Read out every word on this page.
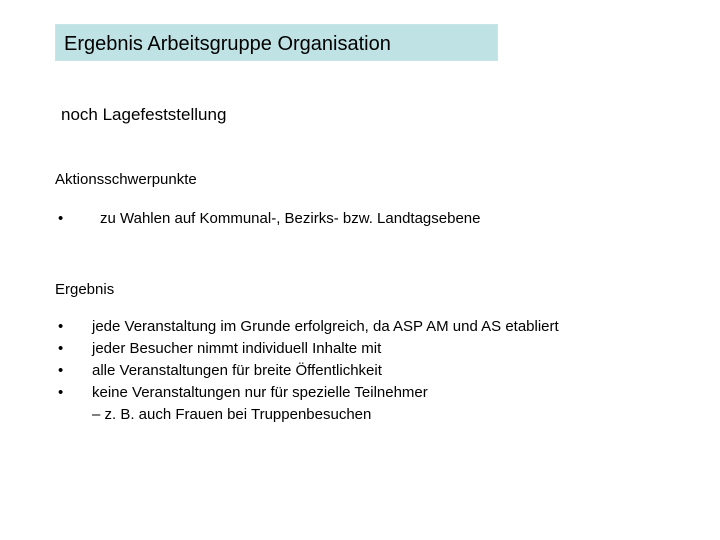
Ergebnis Arbeitsgruppe Organisation
noch Lagefeststellung
Aktionsschwerpunkte
• zu Wahlen auf Kommunal-, Bezirks- bzw. Landtagsebene
Ergebnis
• jede Veranstaltung im Grunde erfolgreich, da ASP AM und AS etabliert
• jeder Besucher nimmt individuell Inhalte mit
• alle Veranstaltungen für breite Öffentlichkeit
• keine Veranstaltungen nur für spezielle Teilnehmer
– z. B. auch Frauen bei Truppenbesuchen
